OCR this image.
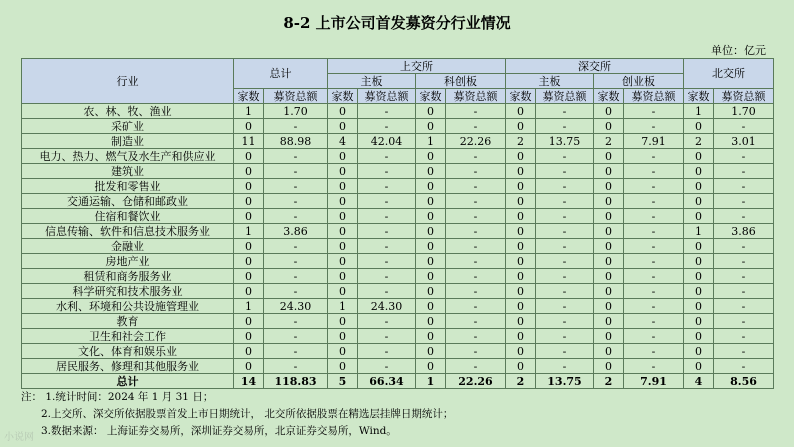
8-2 上市公司首发募资分行业情况
单位：亿元
行业	总计		上交所				深交所				北交所	
			主板		科创板		主板		创业板			
	家数	募资总额	家数	募资总额	家数	募资总额	家数	募资总额	家数	募资总额	家数	募资总额
农、林、牧、渔业	1	1.70	0	-	0	-	0	-	0	-	1	1.70
采矿业	0	-	0	-	0	-	0	-	0	-	0	-
制造业	11	88.98	4	42.04	1	22.26	2	13.75	2	7.91	2	3.01
电力、热力、燃气及水生产和供应业	0	-	0	-	0	-	0	-	0	-	0	-
建筑业	0	-	0	-	0	-	0	-	0	-	0	-
批发和零售业	0	-	0	-	0	-	0	-	0	-	0	-
交通运输、仓储和邮政业	0	-	0	-	0	-	0	-	0	-	0	-
住宿和餐饮业	0	-	0	-	0	-	0	-	0	-	0	-
信息传输、软件和信息技术服务业	1	3.86	0	-	0	-	0	-	0	-	1	3.86
金融业	0	-	0	-	0	-	0	-	0	-	0	-
房地产业	0	-	0	-	0	-	0	-	0	-	0	-
租赁和商务服务业	0	-	0	-	0	-	0	-	0	-	0	-
科学研究和技术服务业	0	-	0	-	0	-	0	-	0	-	0	-
水利、环境和公共设施管理业	1	24.30	1	24.30	0	-	0	-	0	-	0	-
教育	0	-	0	-	0	-	0	-	0	-	0	-
卫生和社会工作	0	-	0	-	0	-	0	-	0	-	0	-
文化、体育和娱乐业	0	-	0	-	0	-	0	-	0	-	0	-
居民服务、修理和其他服务业	0	-	0	-	0	-	0	-	0	-	0	-
总计	14	118.83	5	66.34	1	22.26	2	13.75	2	7.91	4	8.56
注： 1.统计时间：2024 年 1 月 31 日；
2.上交所、深交所依据股票首发上市日期统计， 北交所依据股票在精选层挂牌日期统计；
3.数据来源： 上海证券交易所，深圳证券交易所，北京证券交易所，Wind。
小说网
